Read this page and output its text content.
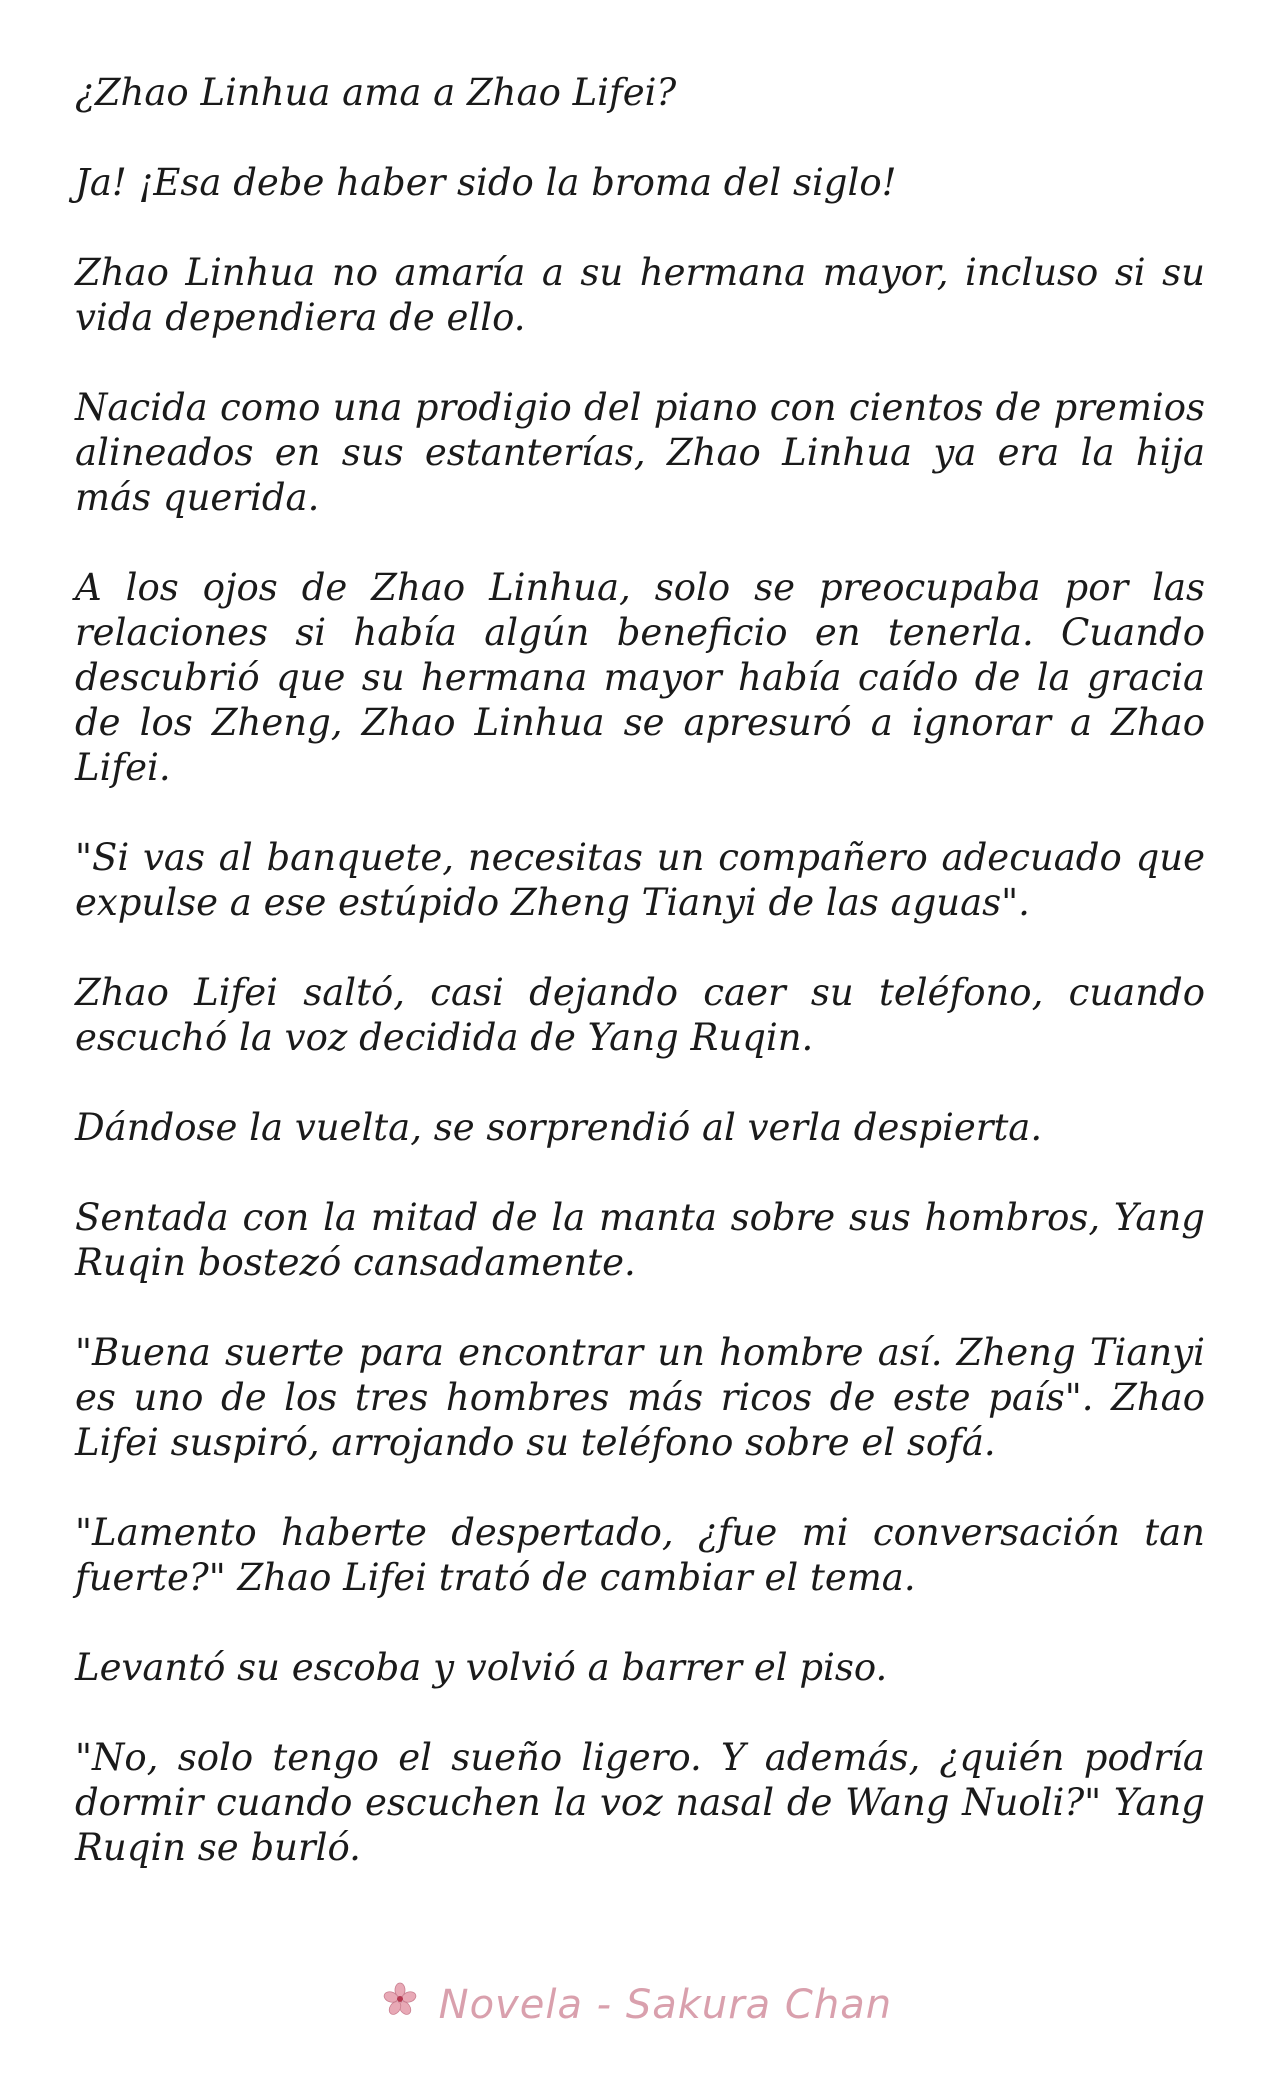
¿Zhao Linhua ama a Zhao Lifei?

Ja! ¡Esa debe haber sido la broma del siglo!

Zhao Linhua no amaría a su hermana mayor, incluso si su vida dependiera de ello.

Nacida como una prodigio del piano con cientos de premios alineados en sus estanterías, Zhao Linhua ya era la hija más querida.

A los ojos de Zhao Linhua, solo se preocupaba por las relaciones si había algún beneficio en tenerla. Cuando descubrió que su hermana mayor había caído de la gracia de los Zheng, Zhao Linhua se apresuró a ignorar a Zhao Lifei.

"Si vas al banquete, necesitas un compañero adecuado que expulse a ese estúpido Zheng Tianyi de las aguas".

Zhao Lifei saltó, casi dejando caer su teléfono, cuando escuchó la voz decidida de Yang Ruqin.

Dándose la vuelta, se sorprendió al verla despierta.

Sentada con la mitad de la manta sobre sus hombros, Yang Ruqin bostezó cansadamente.

"Buena suerte para encontrar un hombre así. Zheng Tianyi es uno de los tres hombres más ricos de este país". Zhao Lifei suspiró, arrojando su teléfono sobre el sofá.

"Lamento haberte despertado, ¿fue mi conversación tan fuerte?" Zhao Lifei trató de cambiar el tema.

Levantó su escoba y volvió a barrer el piso.

"No, solo tengo el sueño ligero. Y además, ¿quién podría dormir cuando escuchen la voz nasal de Wang Nuoli?" Yang Ruqin se burló.

Novela - Sakura Chan
